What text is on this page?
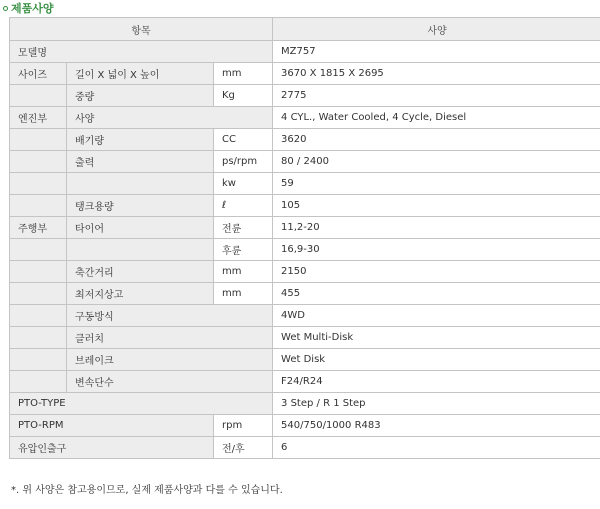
제품사양
항목			사양
모델명			MZ757
사이즈	길이 X 넓이 X 높이	mm	3670 X 1815 X 2695
	중량	Kg	2775
엔진부	사양		4 CYL., Water Cooled, 4 Cycle, Diesel
	배기량	CC	3620
	출력	ps/rpm	80 / 2400
		kw	59
	탱크용량	ℓ	105
주행부	타이어	전륜	11,2-20
		후륜	16,9-30
	축간거리	mm	2150
	최저지상고	mm	455
	구동방식		4WD
	클러치		Wet Multi-Disk
	브레이크		Wet Disk
	변속단수		F24/R24
PTO-TYPE			3 Step / R 1 Step
PTO-RPM		rpm	540/750/1000 R483
유압인출구		전/후	6
*. 위 사양은 참고용이므로, 실제 제품사양과 다를 수 있습니다.
